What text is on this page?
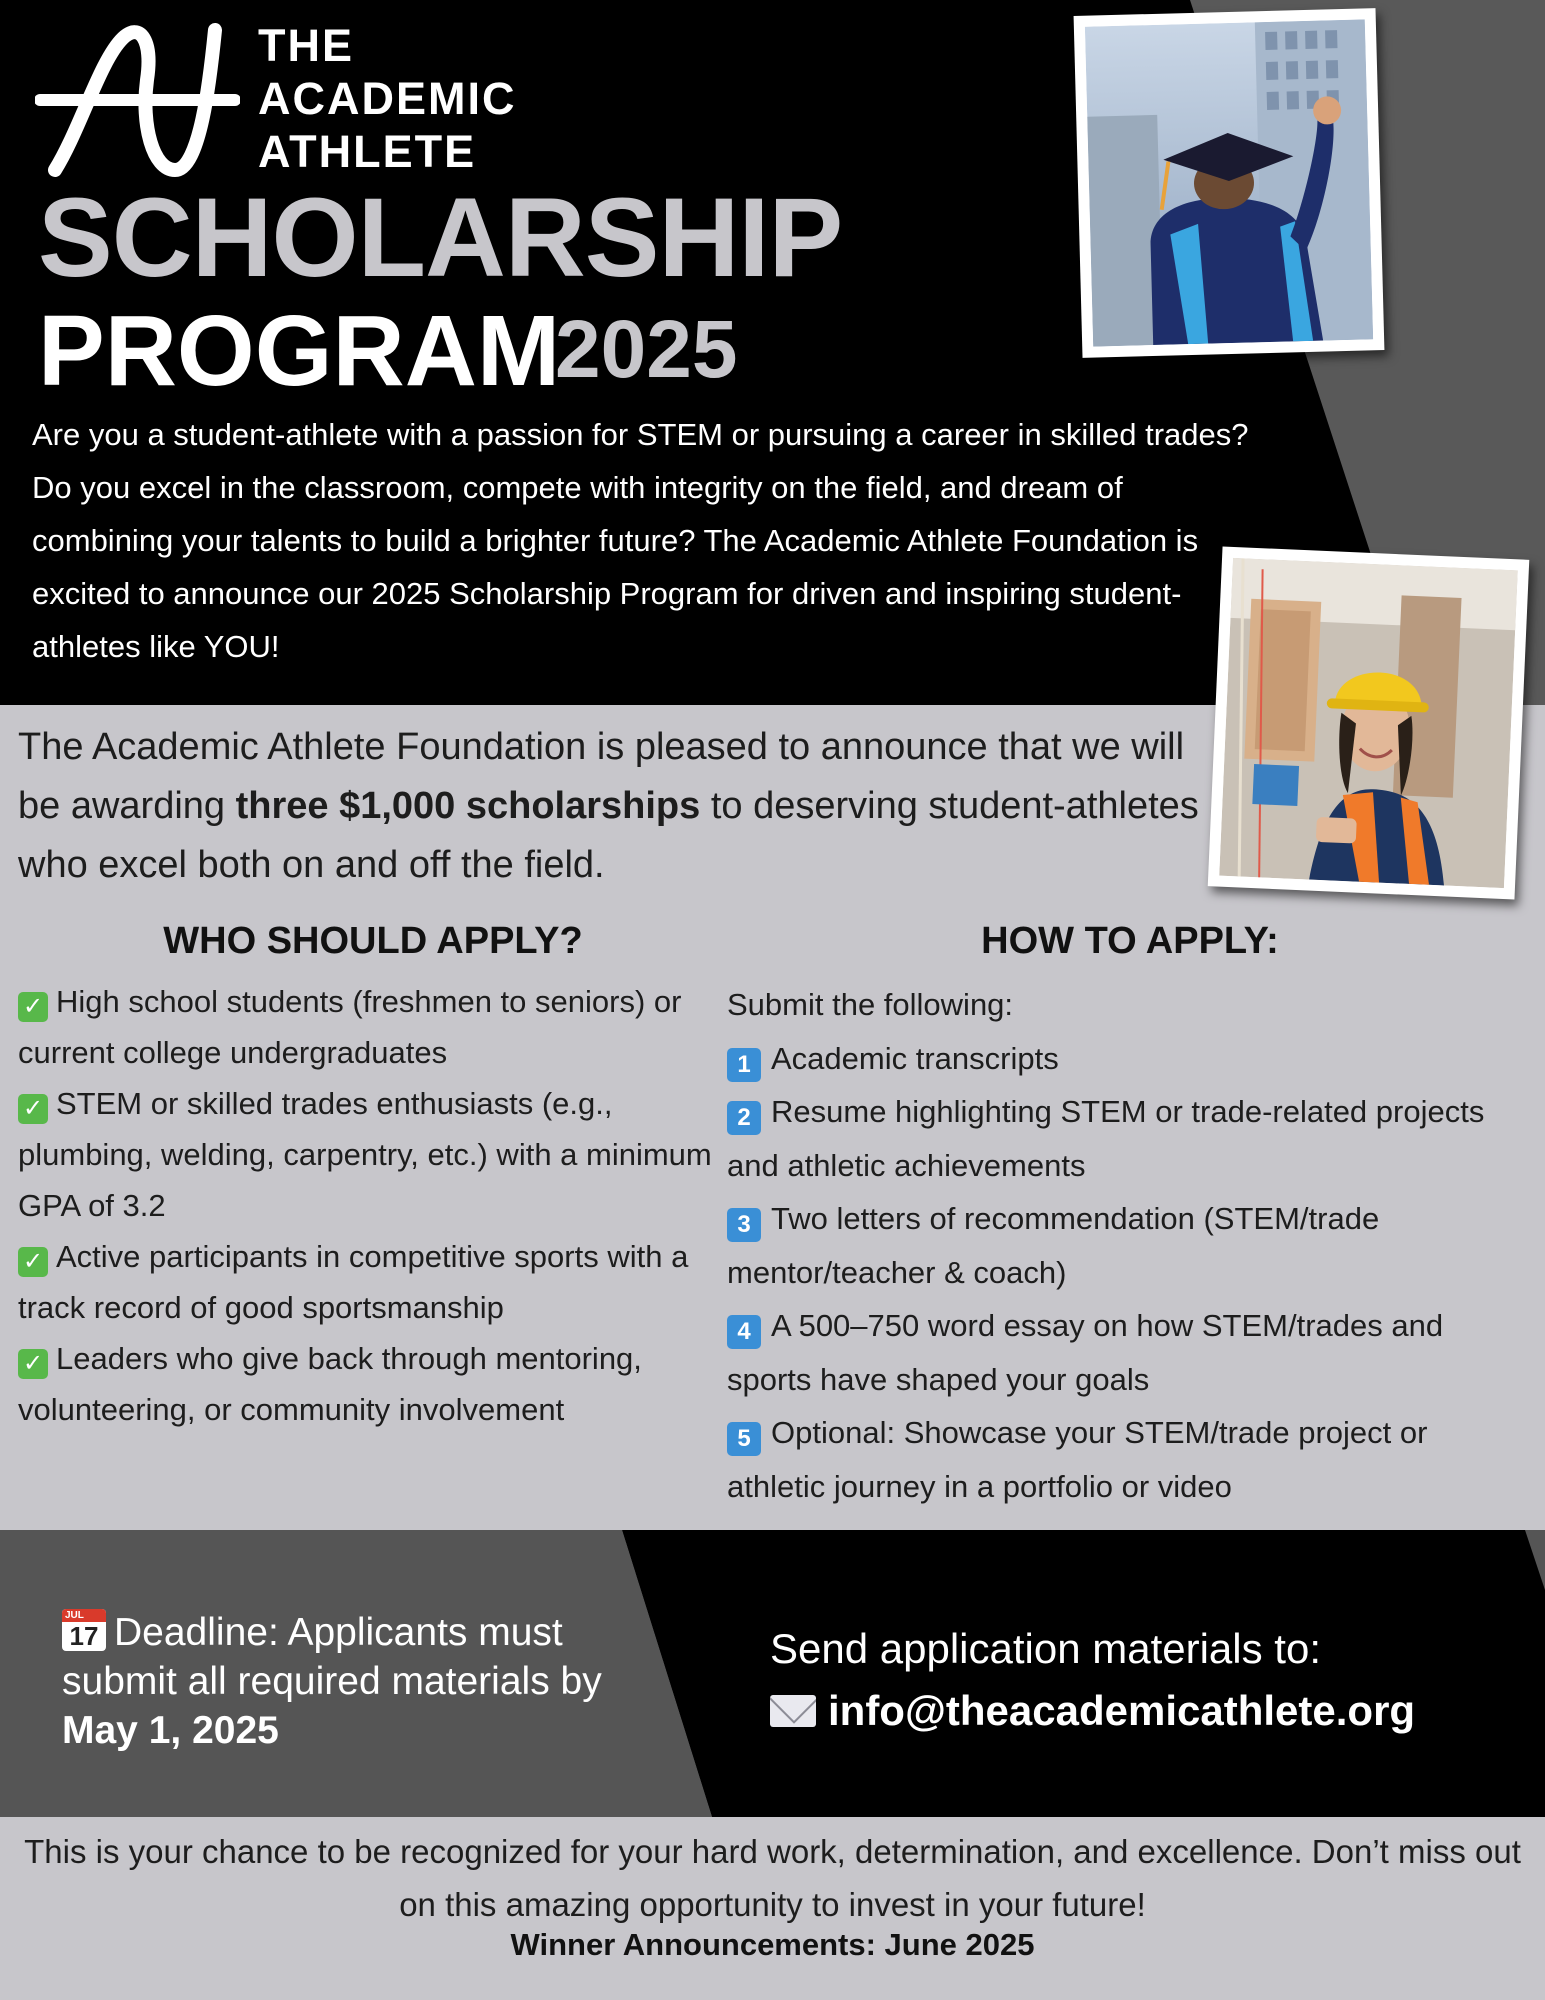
THE
ACADEMIC
ATHLETE
SCHOLARSHIP
PROGRAM
2025
Are you a student-athlete with a passion for STEM or pursuing a career in skilled trades? Do you excel in the classroom, compete with integrity on the field, and dream of combining your talents to build a brighter future? The Academic Athlete Foundation is excited to announce our 2025 Scholarship Program for driven and inspiring student-athletes like YOU!
The Academic Athlete Foundation is pleased to announce that we will be awarding three $1,000 scholarships to deserving student-athletes who excel both on and off the field.
WHO SHOULD APPLY?

✓ High school students (freshmen to seniors) or current college undergraduates

✓ STEM or skilled trades enthusiasts (e.g., plumbing, welding, carpentry, etc.) with a minimum GPA of 3.2

✓ Active participants in competitive sports with a track record of good sportsmanship

✓ Leaders who give back through mentoring, volunteering, or community involvement

HOW TO APPLY:

Submit the following:

1 Academic transcripts

2 Resume highlighting STEM or trade-related projects and athletic achievements

3 Two letters of recommendation (STEM/trade mentor/teacher & coach)

4 A 500–750 word essay on how STEM/trades and sports have shaped your goals

5 Optional: Showcase your STEM/trade project or athletic journey in a portfolio or video

JUL
17 Deadline: Applicants must submit all required materials by May 1, 2025
Send application materials to:
info@theacademicathlete.org
This is your chance to be recognized for your hard work, determination, and excellence. Don’t miss out on this amazing opportunity to invest in your future!
Winner Announcements: June 2025
